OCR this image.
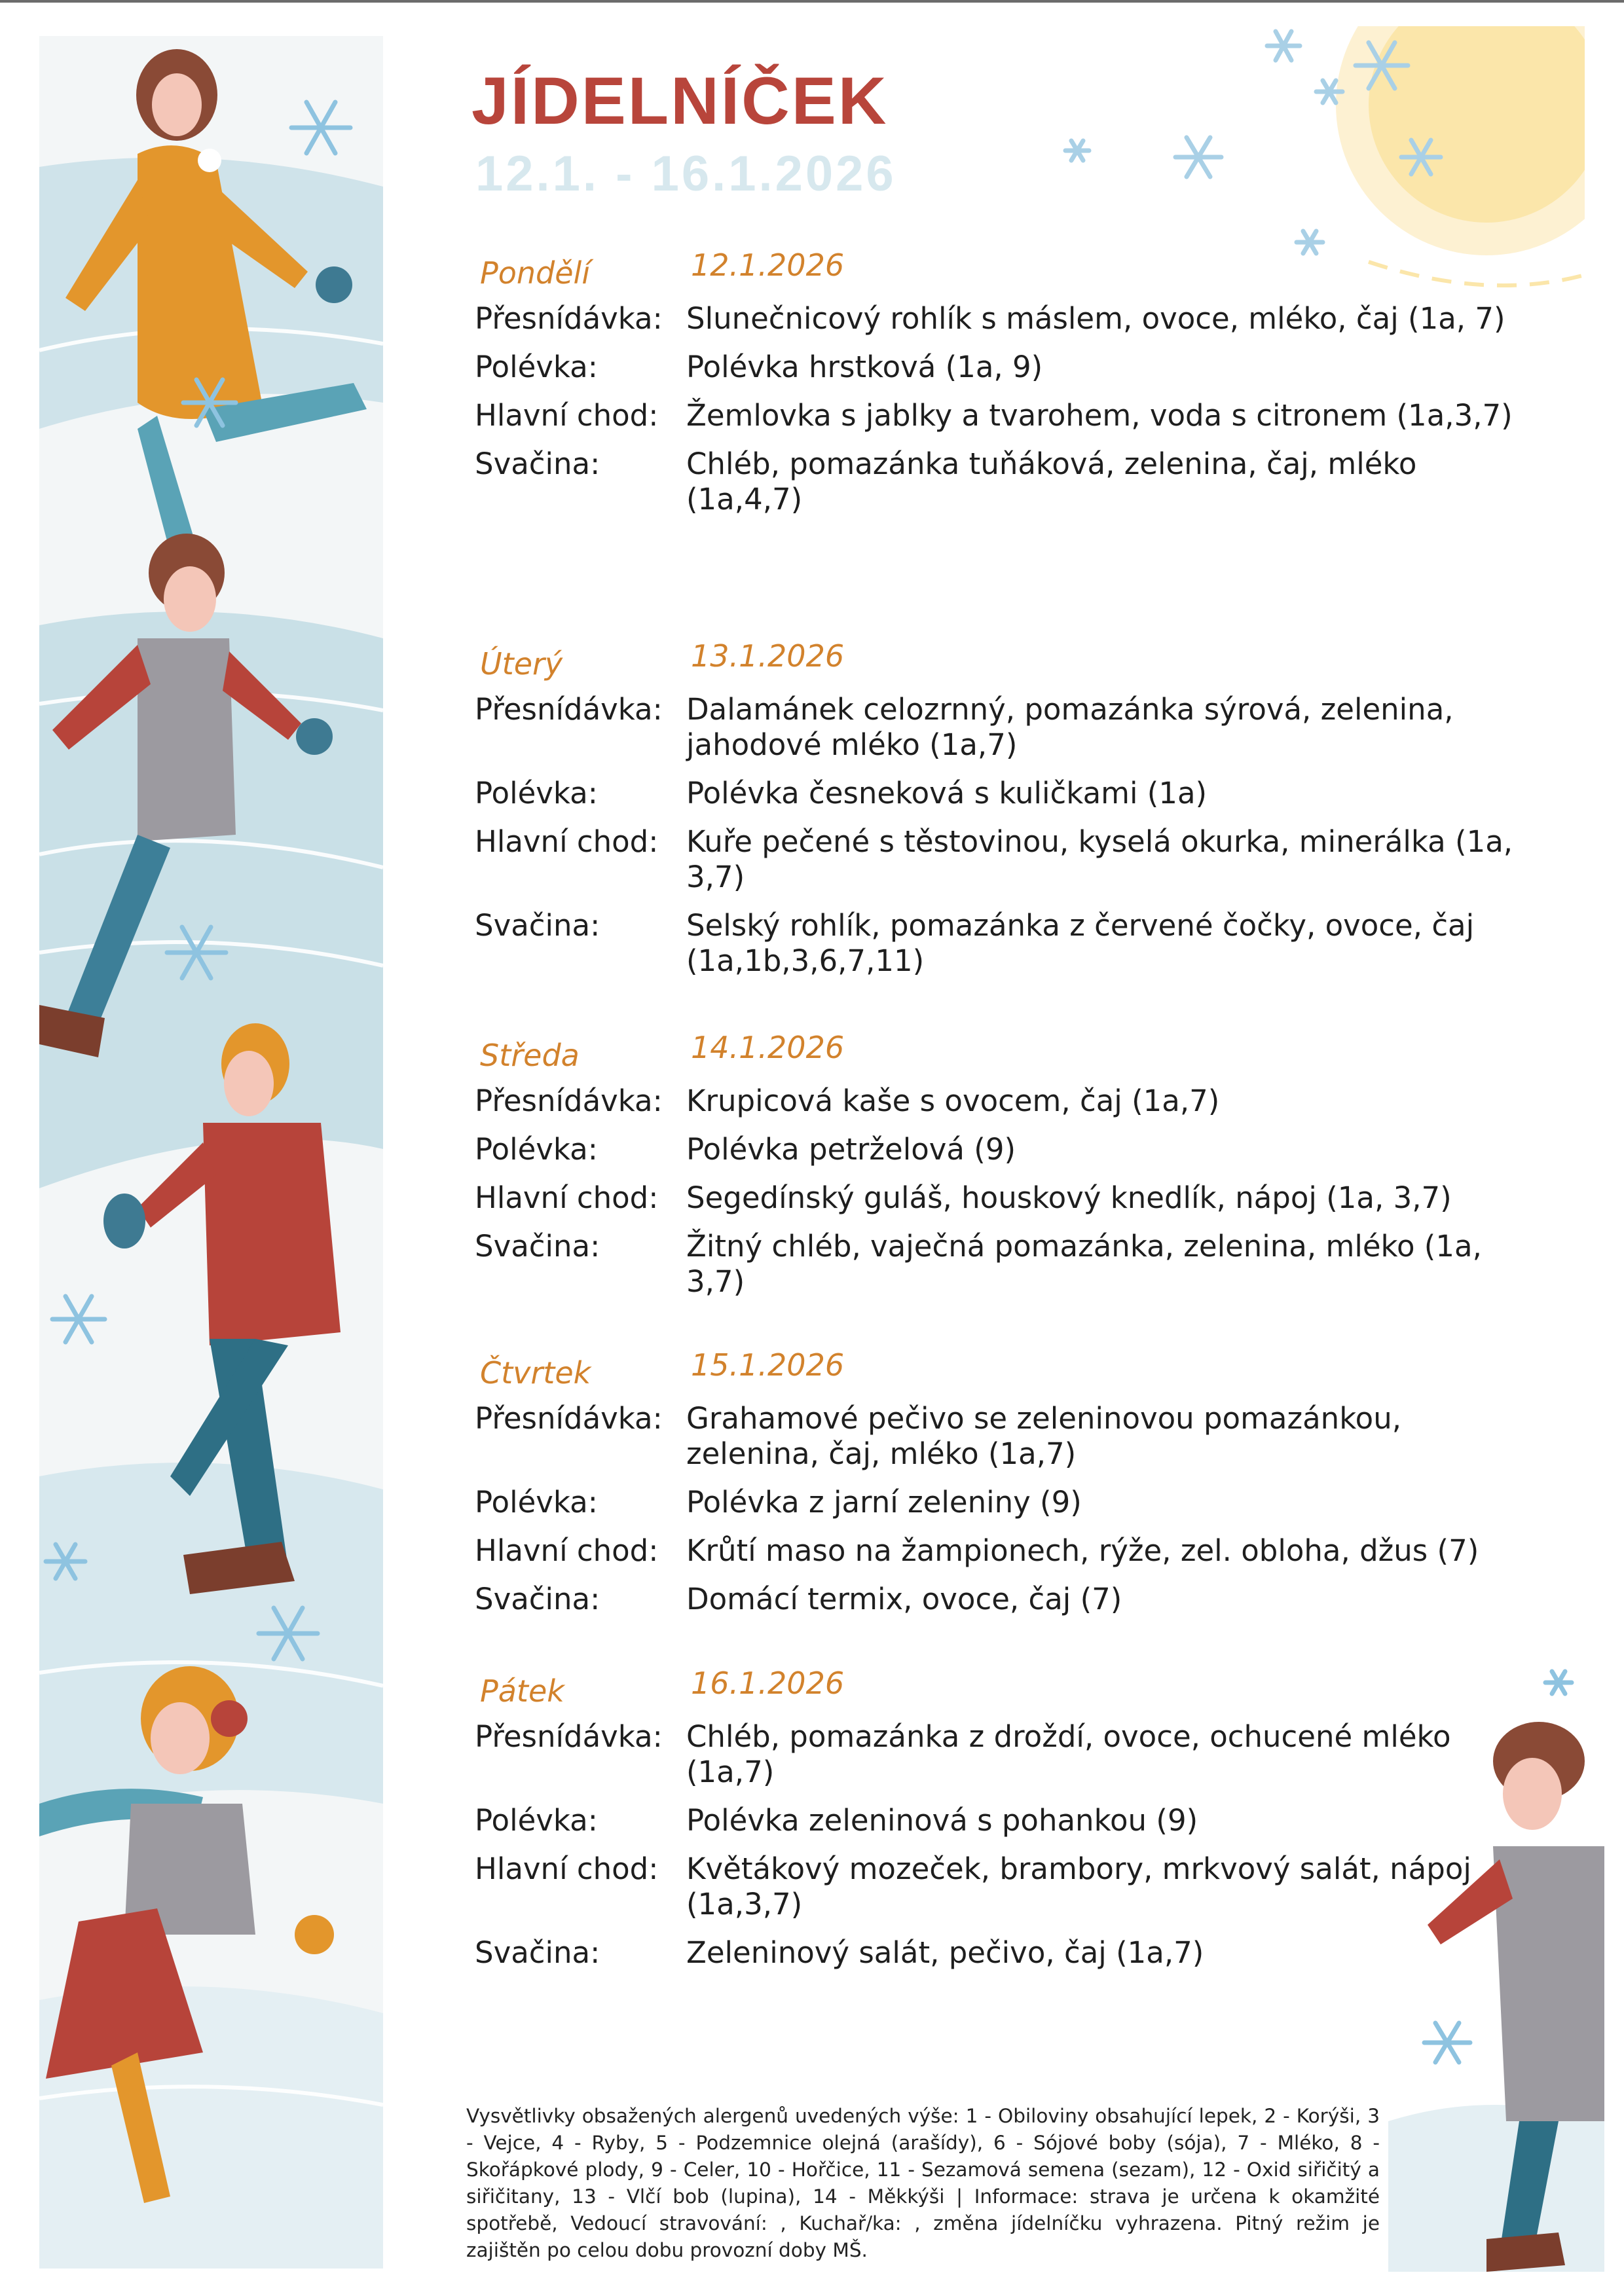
JÍDELNÍČEK
12.1. - 16.1.2026
Pondělí	12.1.2026
Přesnídávka: Slunečnicový rohlík s máslem, ovoce, mléko, čaj (1a, 7)
Polévka:	Polévka hrstková (1a, 9)
Hlavní chod: Žemlovka s jablky a tvarohem, voda s citronem (1a,3,7)
Svačina:	Chléb, pomazánka tuňáková, zelenina, čaj, mléko (1a,4,7)
Úterý	13.1.2026
Přesnídávka: Dalamánek celozrnný, pomazánka sýrová, zelenina, jahodové mléko (1a,7)
Polévka:	Polévka česneková s kuličkami (1a)
Hlavní chod: Kuře pečené s těstovinou, kyselá okurka, minerálka (1a, 3,7)
Svačina:	Selský rohlík, pomazánka z červené čočky, ovoce, čaj (1a,1b,3,6,7,11)
Středa	14.1.2026
Přesnídávka: Krupicová kaše s ovocem, čaj (1a,7)
Polévka:	Polévka petrželová (9)
Hlavní chod: Segedínský guláš, houskový knedlík, nápoj (1a, 3,7)
Svačina:	Žitný chléb, vaječná pomazánka, zelenina, mléko (1a, 3,7)
Čtvrtek	15.1.2026
Přesnídávka: Grahamové pečivo se zeleninovou pomazánkou, zelenina, čaj, mléko (1a,7)
Polévka:	Polévka z jarní zeleniny (9)
Hlavní chod: Krůtí maso na žampionech, rýže, zel. obloha, džus (7)
Svačina:	Domácí termix, ovoce, čaj (7)
Pátek	16.1.2026
Přesnídávka: Chléb, pomazánka z droždí, ovoce, ochucené mléko (1a,7)
Polévka:	Polévka zeleninová s pohankou (9)
Hlavní chod: Květákový mozeček, brambory, mrkvový salát, nápoj (1a,3,7)
Svačina:	Zeleninový salát, pečivo, čaj (1a,7)
Vysvětlivky obsažených alergenů uvedených výše: 1 - Obiloviny obsahující lepek, 2 - Korýši, 3 - Vejce, 4 - Ryby, 5 - Podzemnice olejná (arašídy), 6 - Sójové boby (sója), 7 - Mléko, 8 - Skořápkové plody, 9 - Celer, 10 - Hořčice, 11 - Sezamová semena (sezam), 12 - Oxid siřičitý a siřičitany, 13 - Vlčí bob (lupina), 14 - Měkkýši | Informace: strava je určena k okamžité spotřebě, Vedoucí stravování: , Kuchař/ka: , změna jídelníčku vyhrazena. Pitný režim je zajištěn po celou dobu provozní doby MŠ.
